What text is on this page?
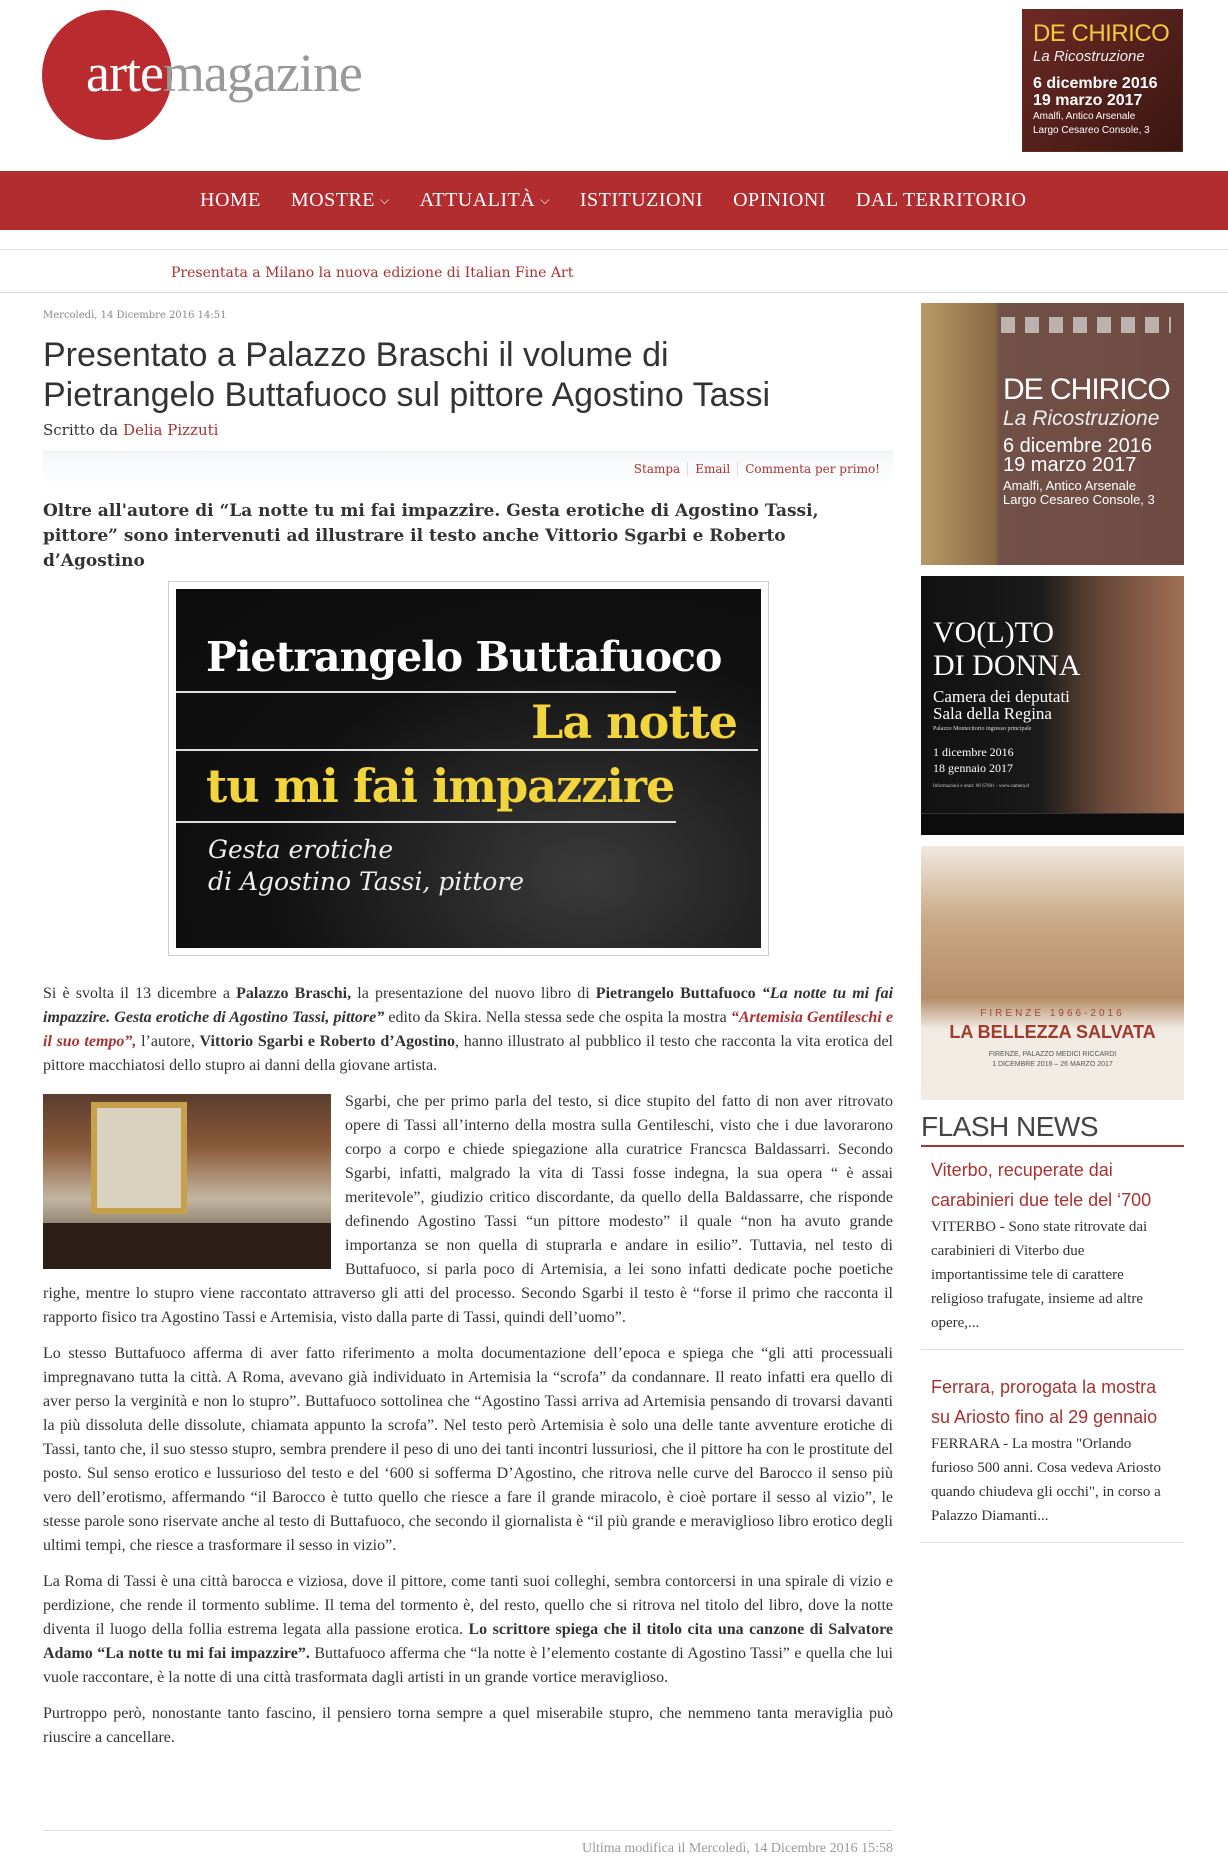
artemagazine
DE CHIRICO
La Ricostruzione
6 dicembre 2016
19 marzo 2017
Amalfi, Antico Arsenale
Largo Cesareo Console, 3
HOME MOSTRE ⌵ ATTUALITÀ ⌵ ISTITUZIONI OPINIONI DAL TERRITORIO
Presentata a Milano la nuova edizione di Italian Fine Art
Mercoledì, 14 Dicembre 2016 14:51
Presentato a Palazzo Braschi il volume di Pietrangelo Buttafuoco sul pittore Agostino Tassi
Scritto da Delia Pizzuti
Stampa	Email	Commenta per primo!
Oltre all'autore di “La notte tu mi fai impazzire. Gesta erotiche di Agostino Tassi, pittore” sono intervenuti ad illustrare il testo anche Vittorio Sgarbi e Roberto d’Agostino
Pietrangelo Buttafuoco
La notte
tu mi fai impazzire
Gesta erotiche
di Agostino Tassi, pittore

Si è svolta il 13 dicembre a Palazzo Braschi, la presentazione del nuovo libro di Pietrangelo Buttafuoco “La notte tu mi fai impazzire. Gesta erotiche di Agostino Tassi, pittore” edito da Skira. Nella stessa sede che ospita la mostra “Artemisia Gentileschi e il suo tempo”, l’autore, Vittorio Sgarbi e Roberto d’Agostino, hanno illustrato al pubblico il testo che racconta la vita erotica del pittore macchiatosi dello stupro ai danni della giovane artista.

Sgarbi, che per primo parla del testo, si dice stupito del fatto di non aver ritrovato opere di Tassi all’interno della mostra sulla Gentileschi, visto che i due lavorarono corpo a corpo e chiede spiegazione alla curatrice Francsca Baldassarri. Secondo Sgarbi, infatti, malgrado la vita di Tassi fosse indegna, la sua opera “ è assai meritevole”, giudizio critico discordante, da quello della Baldassarre, che risponde definendo Agostino Tassi “un pittore modesto” il quale “non ha avuto grande importanza se non quella di stuprarla e andare in esilio”. Tuttavia, nel testo di Buttafuoco, si parla poco di Artemisia, a lei sono infatti dedicate poche poetiche righe, mentre lo stupro viene raccontato attraverso gli atti del processo. Secondo Sgarbi il testo è “forse il primo che racconta il rapporto fisico tra Agostino Tassi e Artemisia, visto dalla parte di Tassi, quindi dell’uomo”.

Lo stesso Buttafuoco afferma di aver fatto riferimento a molta documentazione dell’epoca e spiega che “gli atti processuali impregnavano tutta la città. A Roma, avevano già individuato in Artemisia la “scrofa” da condannare. Il reato infatti era quello di aver perso la verginità e non lo stupro”. Buttafuoco sottolinea che “Agostino Tassi arriva ad Artemisia pensando di trovarsi davanti la più dissoluta delle dissolute, chiamata appunto la scrofa”. Nel testo però Artemisia è solo una delle tante avventure erotiche di Tassi, tanto che, il suo stesso stupro, sembra prendere il peso di uno dei tanti incontri lussuriosi, che il pittore ha con le prostitute del posto. Sul senso erotico e lussurioso del testo e del ‘600 si sofferma D’Agostino, che ritrova nelle curve del Barocco il senso più vero dell’erotismo, affermando “il Barocco è tutto quello che riesce a fare il grande miracolo, è cioè portare il sesso al vizio”, le stesse parole sono riservate anche al testo di Buttafuoco, che secondo il giornalista è “il più grande e meraviglioso libro erotico degli ultimi tempi, che riesce a trasformare il sesso in vizio”.

La Roma di Tassi è una città barocca e viziosa, dove il pittore, come tanti suoi colleghi, sembra contorcersi in una spirale di vizio e perdizione, che rende il tormento sublime. Il tema del tormento è, del resto, quello che si ritrova nel titolo del libro, dove la notte diventa il luogo della follia estrema legata alla passione erotica. Lo scrittore spiega che il titolo cita una canzone di Salvatore Adamo “La notte tu mi fai impazzire”. Buttafuoco afferma che “la notte è l’elemento costante di Agostino Tassi” e quella che lui vuole raccontare, è la notte di una città trasformata dagli artisti in un grande vortice meraviglioso.

Purtroppo però, nonostante tanto fascino, il pensiero torna sempre a quel miserabile stupro, che nemmeno tanta meraviglia può riuscire a cancellare.

Ultima modifica il Mercoledì, 14 Dicembre 2016 15:58
DE CHIRICO
La Ricostruzione
6 dicembre 2016
19 marzo 2017
Amalfi, Antico Arsenale
Largo Cesareo Console, 3
VO(L)TO
DI DONNA
Camera dei deputati
Sala della Regina
Palazzo Montecitorio ingresso principale
1 dicembre 2016
18 gennaio 2017
Informazioni e orari: 06 67601 - www.camera.it
FIRENZE 1966-2016
LA BELLEZZA SALVATA
FIRENZE, PALAZZO MEDICI RICCARDI
1 DICEMBRE 2016 – 26 MARZO 2017
FLASH NEWS
Viterbo, recuperate dai carabinieri due tele del ‘700
VITERBO - Sono state ritrovate dai carabinieri di Viterbo due importantissime tele di carattere religioso trafugate, insieme ad altre opere,...
Ferrara, prorogata la mostra su Ariosto fino al 29 gennaio
FERRARA - La mostra "Orlando furioso 500 anni. Cosa vedeva Ariosto quando chiudeva gli occhi", in corso a Palazzo Diamanti...
